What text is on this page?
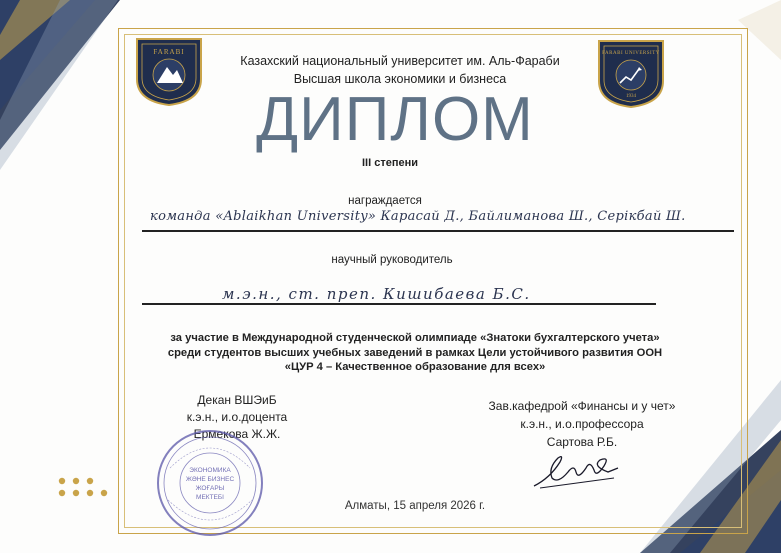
FARABI	FARABI UNIVERSITY
1934
Казахский национальный университет им. Аль-Фараби
Высшая школа экономики и бизнеса
ДИПЛОМ
III степени
награждается
команда «Ablaikhan University» Карасай Д., Байлиманова Ш., Серікбай Ш.
научный руководитель
м.э.н., ст. преп. Кишибаева Б.С.
за участие в Международной студенческой олимпиаде «Знатоки бухгалтерского учета»
среди студентов высших учебных заведений в рамках Цели устойчивого развития ООН
«ЦУР 4 – Качественное образование для всех»
Декан ВШЭиБ
к.э.н., и.о.доцента
Ермекова Ж.Ж.
Зав.кафедрой «Финансы и у чет»
к.э.н., и.о.профессора
Сартова Р.Б.
ЭКОНОМИКА
ЖӘНЕ БИЗНЕС
ЖОҒАРЫ
МЕКТЕБІ
Алматы, 15 апреля 2026 г.
